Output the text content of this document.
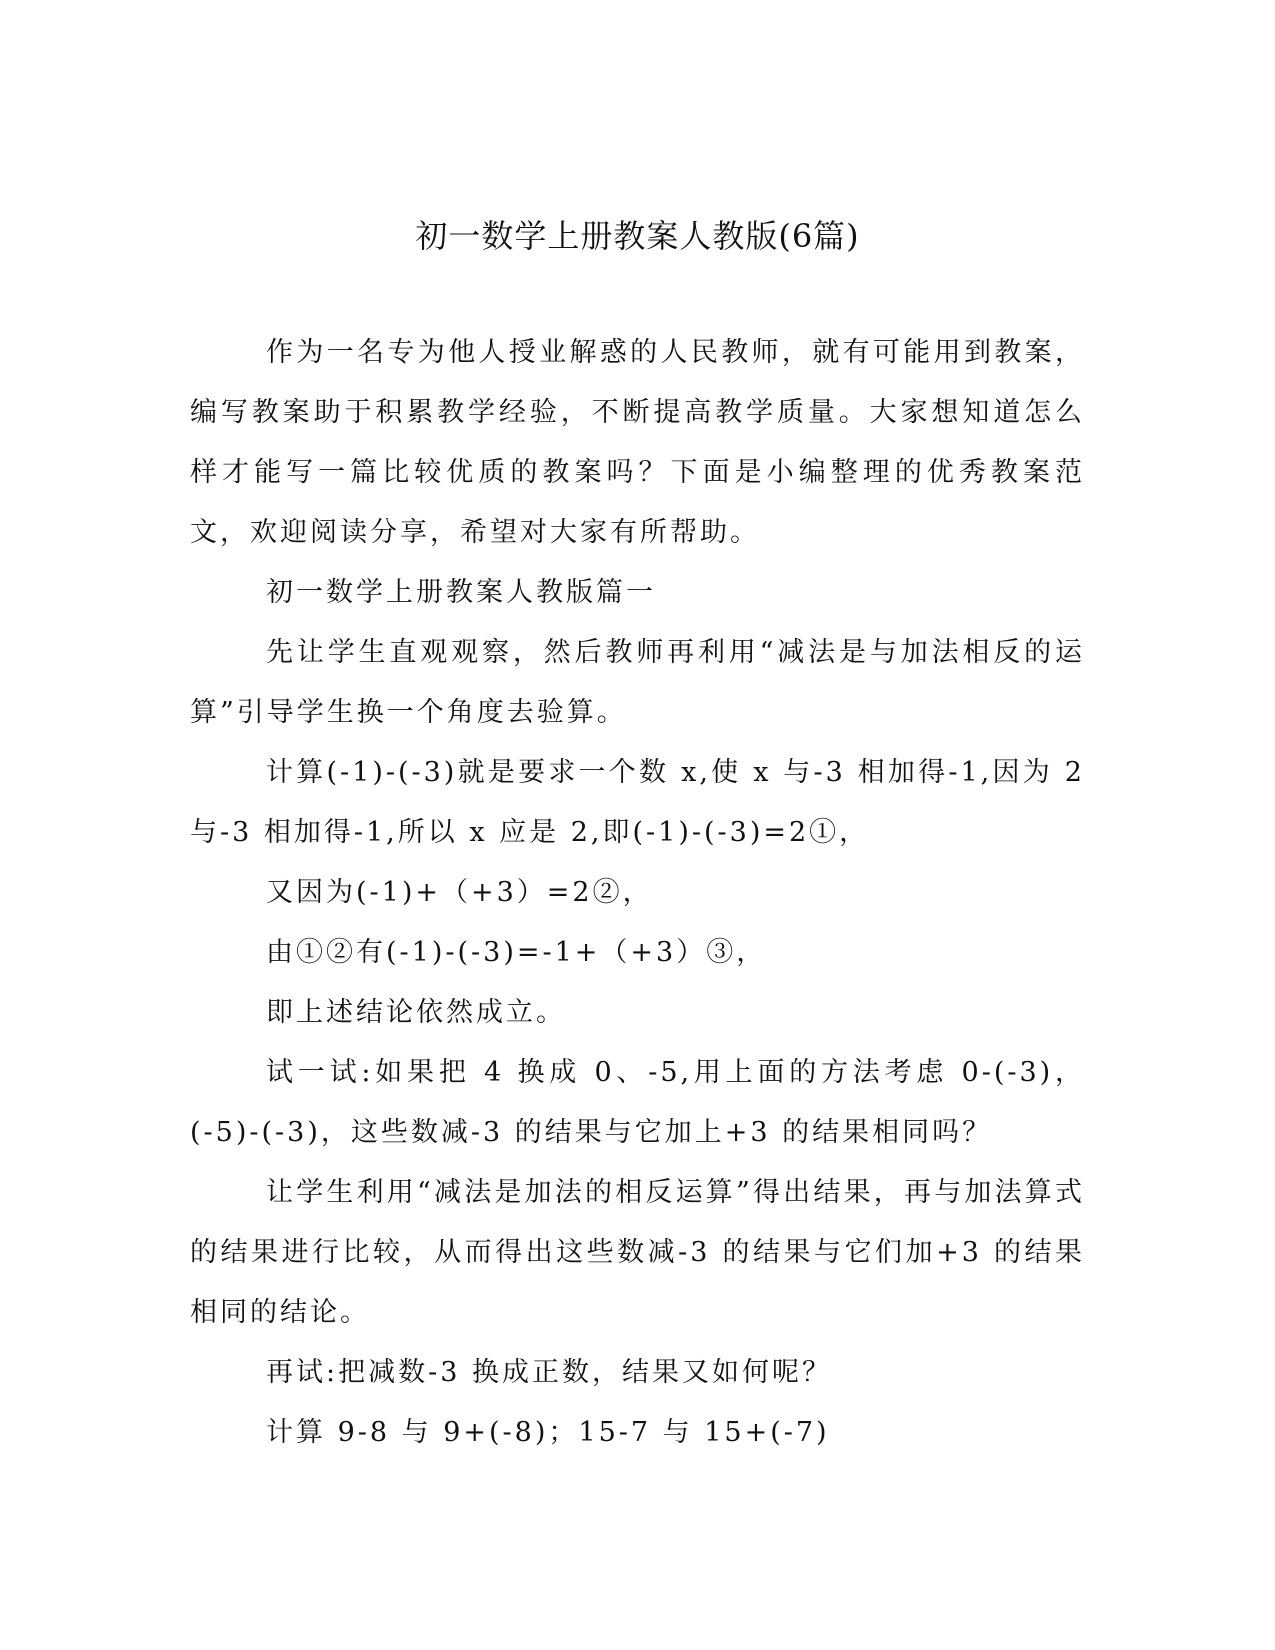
初一数学上册教案人教版(6篇)

作为一名专为他人授业解惑的人民教师，就有可能用到教案，编写教案助于积累教学经验，不断提高教学质量。大家想知道怎么样才能写一篇比较优质的教案吗？下面是小编整理的优秀教案范文，欢迎阅读分享，希望对大家有所帮助。

初一数学上册教案人教版篇一

先让学生直观观察，然后教师再利用“减法是与加法相反的运算”引导学生换一个角度去验算。

计算(-1)-(-3)就是要求一个数 x,使 x 与-3 相加得-1,因为 2 与-3 相加得-1,所以 x 应是 2,即(-1)-(-3)=2①，

又因为(-1)+（+3）=2②，

由①②有(-1)-(-3)=-1+（+3）③，

即上述结论依然成立。

试一试:如果把 4 换成 0、-5,用上面的方法考虑 0-(-3)，(-5)-(-3)，这些数减-3 的结果与它加上+3 的结果相同吗？

让学生利用“减法是加法的相反运算”得出结果，再与加法算式的结果进行比较，从而得出这些数减-3 的结果与它们加+3 的结果相同的结论。

再试:把减数-3 换成正数，结果又如何呢？

计算 9-8 与 9+(-8)；15-7 与 15+(-7)
